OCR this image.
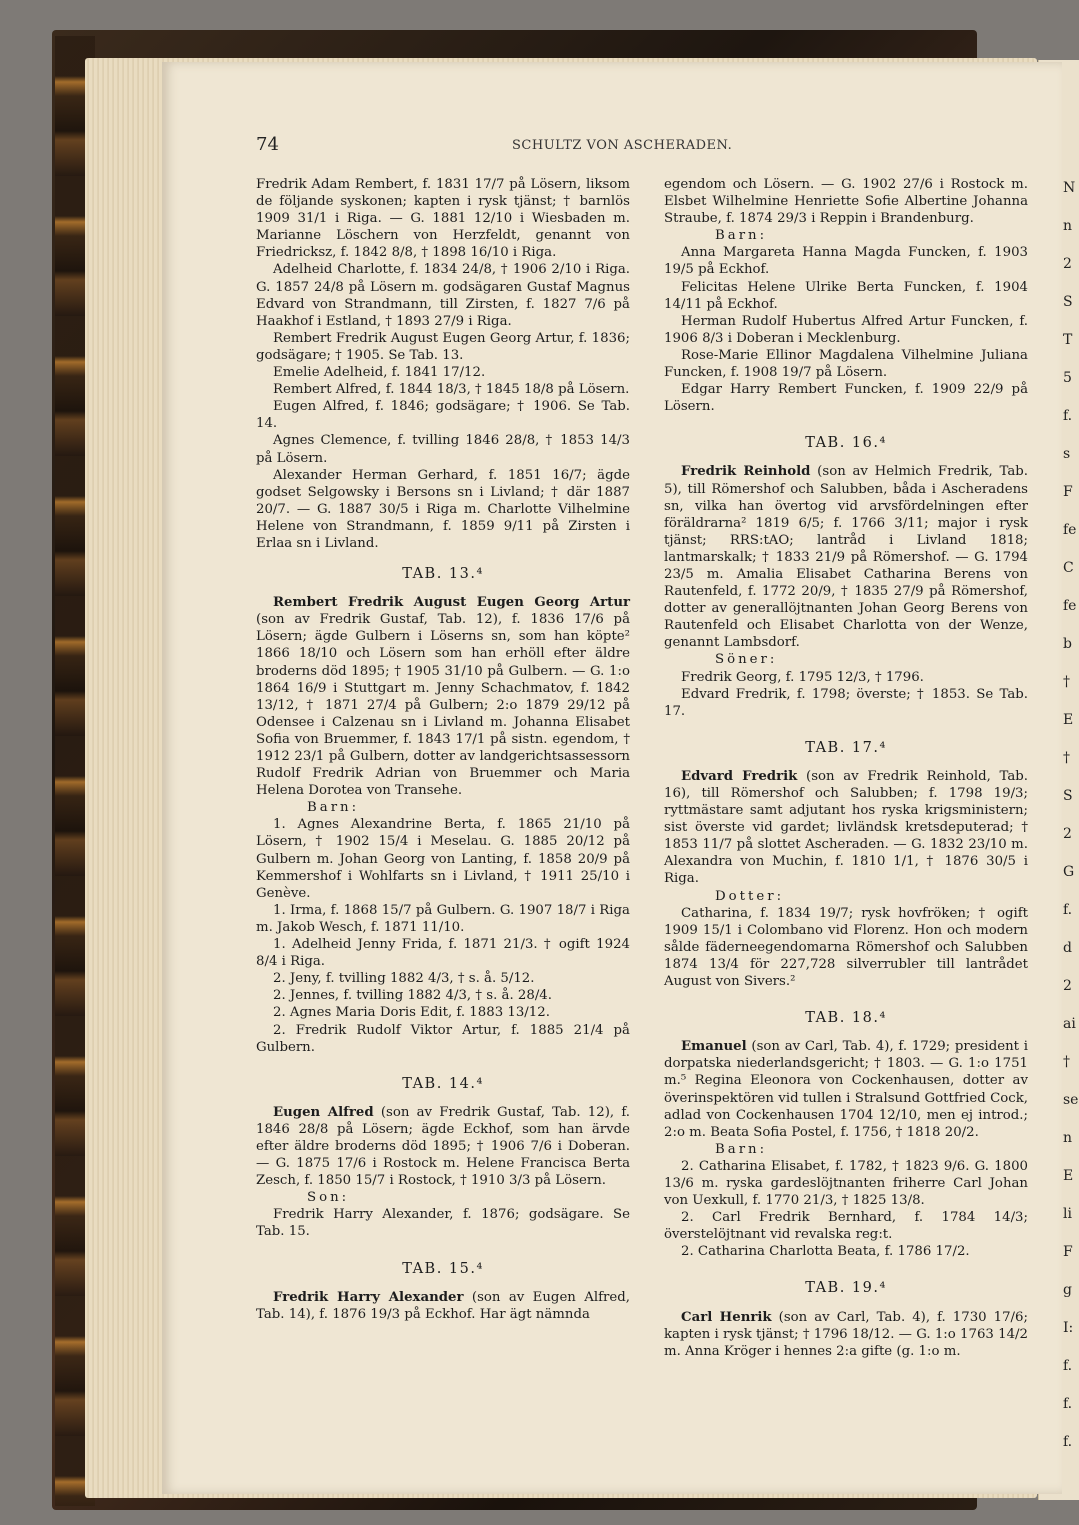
N
n
2
S
T
5
f.
s
F
fe
C
fe
b
†
E
†
S
2
G
f.
d
2
ai
†
se
n
E
li
F
g
I:
f.
f.
f.
74	SCHULTZ VON ASCHERADEN.

Fredrik Adam Rembert, f. 1831 17/7 på Lösern, liksom de följande syskonen; kapten i rysk tjänst; † barnlös 1909 31/1 i Riga. — G. 1881 12/10 i Wiesbaden m. Marianne Löschern von Herzfeldt, genannt von Friedricksz, f. 1842 8/8, † 1898 16/10 i Riga.

Adelheid Charlotte, f. 1834 24/8, † 1906 2/10 i Riga. G. 1857 24/8 på Lösern m. godsägaren Gustaf Magnus Edvard von Strandmann, till Zirsten, f. 1827 7/6 på Haakhof i Estland, † 1893 27/9 i Riga.

Rembert Fredrik August Eugen Georg Artur, f. 1836; godsägare; † 1905. Se Tab. 13.

Emelie Adelheid, f. 1841 17/12.

Rembert Alfred, f. 1844 18/3, † 1845 18/8 på Lösern.

Eugen Alfred, f. 1846; godsägare; † 1906. Se Tab. 14.

Agnes Clemence, f. tvilling 1846 28/8, † 1853 14/3 på Lösern.

Alexander Herman Gerhard, f. 1851 16/7; ägde godset Selgowsky i Bersons sn i Livland; † där 1887 20/7. — G. 1887 30/5 i Riga m. Charlotte Vilhelmine Helene von Strandmann, f. 1859 9/11 på Zirsten i Erlaa sn i Livland.

TAB. 13.⁴

Rembert Fredrik August Eugen Georg Artur (son av Fredrik Gustaf, Tab. 12), f. 1836 17/6 på Lösern; ägde Gulbern i Löserns sn, som han köpte² 1866 18/10 och Lösern som han erhöll efter äldre broderns död 1895; † 1905 31/10 på Gulbern. — G. 1:o 1864 16/9 i Stuttgart m. Jenny Schachmatov, f. 1842 13/12, † 1871 27/4 på Gulbern; 2:o 1879 29/12 på Odensee i Calzenau sn i Livland m. Johanna Elisabet Sofia von Bruemmer, f. 1843 17/1 på sistn. egendom, † 1912 23/1 på Gulbern, dotter av landgerichtsassessorn Rudolf Fredrik Adrian von Bruemmer och Maria Helena Dorotea von Transehe.

Barn:

1. Agnes Alexandrine Berta, f. 1865 21/10 på Lösern, † 1902 15/4 i Meselau. G. 1885 20/12 på Gulbern m. Johan Georg von Lanting, f. 1858 20/9 på Kemmershof i Wohlfarts sn i Livland, † 1911 25/10 i Genève.

1. Irma, f. 1868 15/7 på Gulbern. G. 1907 18/7 i Riga m. Jakob Wesch, f. 1871 11/10.

1. Adelheid Jenny Frida, f. 1871 21/3. † ogift 1924 8/4 i Riga.

2. Jeny, f. tvilling 1882 4/3, † s. å. 5/12.

2. Jennes, f. tvilling 1882 4/3, † s. å. 28/4.

2. Agnes Maria Doris Edit, f. 1883 13/12.

2. Fredrik Rudolf Viktor Artur, f. 1885 21/4 på Gulbern.

TAB. 14.⁴

Eugen Alfred (son av Fredrik Gustaf, Tab. 12), f. 1846 28/8 på Lösern; ägde Eckhof, som han ärvde efter äldre broderns död 1895; † 1906 7/6 i Doberan. — G. 1875 17/6 i Rostock m. Helene Francisca Berta Zesch, f. 1850 15/7 i Rostock, † 1910 3/3 på Lösern.

Son:

Fredrik Harry Alexander, f. 1876; godsägare. Se Tab. 15.

TAB. 15.⁴

Fredrik Harry Alexander (son av Eugen Alfred, Tab. 14), f. 1876 19/3 på Eckhof. Har ägt nämnda

egendom och Lösern. — G. 1902 27/6 i Rostock m. Elsbet Wilhelmine Henriette Sofie Albertine Johanna Straube, f. 1874 29/3 i Reppin i Brandenburg.

Barn:

Anna Margareta Hanna Magda Funcken, f. 1903 19/5 på Eckhof.

Felicitas Helene Ulrike Berta Funcken, f. 1904 14/11 på Eckhof.

Herman Rudolf Hubertus Alfred Artur Funcken, f. 1906 8/3 i Doberan i Mecklenburg.

Rose-Marie Ellinor Magdalena Vilhelmine Juliana Funcken, f. 1908 19/7 på Lösern.

Edgar Harry Rembert Funcken, f. 1909 22/9 på Lösern.

TAB. 16.⁴

Fredrik Reinhold (son av Helmich Fredrik, Tab. 5), till Römershof och Salubben, båda i Ascheradens sn, vilka han övertog vid arvsfördelningen efter föräldrarna² 1819 6/5; f. 1766 3/11; major i rysk tjänst; RRS:tAO; lantråd i Livland 1818; lantmarskalk; † 1833 21/9 på Römershof. — G. 1794 23/5 m. Amalia Elisabet Catharina Berens von Rautenfeld, f. 1772 20/9, † 1835 27/9 på Römershof, dotter av generallöjtnanten Johan Georg Berens von Rautenfeld och Elisabet Charlotta von der Wenze, genannt Lambsdorf.

Söner:

Fredrik Georg, f. 1795 12/3, † 1796.

Edvard Fredrik, f. 1798; överste; † 1853. Se Tab. 17.

TAB. 17.⁴

Edvard Fredrik (son av Fredrik Reinhold, Tab. 16), till Römershof och Salubben; f. 1798 19/3; ryttmästare samt adjutant hos ryska krigsministern; sist överste vid gardet; livländsk kretsdeputerad; † 1853 11/7 på slottet Ascheraden. — G. 1832 23/10 m. Alexandra von Muchin, f. 1810 1/1, † 1876 30/5 i Riga.

Dotter:

Catharina, f. 1834 19/7; rysk hovfröken; † ogift 1909 15/1 i Colombano vid Florenz. Hon och modern sålde fäderneegendomarna Römershof och Salubben 1874 13/4 för 227,728 silverrubler till lantrådet August von Sivers.²

TAB. 18.⁴

Emanuel (son av Carl, Tab. 4), f. 1729; president i dorpatska niederlandsgericht; † 1803. — G. 1:o 1751 m.⁵ Regina Eleonora von Cockenhausen, dotter av överinspektören vid tullen i Stralsund Gottfried Cock, adlad von Cockenhausen 1704 12/10, men ej introd.; 2:o m. Beata Sofia Postel, f. 1756, † 1818 20/2.

Barn:

2. Catharina Elisabet, f. 1782, † 1823 9/6. G. 1800 13/6 m. ryska gardeslöjtnanten friherre Carl Johan von Uexkull, f. 1770 21/3, † 1825 13/8.

2. Carl Fredrik Bernhard, f. 1784 14/3; överstelöjtnant vid revalska reg:t.

2. Catharina Charlotta Beata, f. 1786 17/2.

TAB. 19.⁴

Carl Henrik (son av Carl, Tab. 4), f. 1730 17/6; kapten i rysk tjänst; † 1796 18/12. — G. 1:o 1763 14/2 m. Anna Kröger i hennes 2:a gifte (g. 1:o m.
